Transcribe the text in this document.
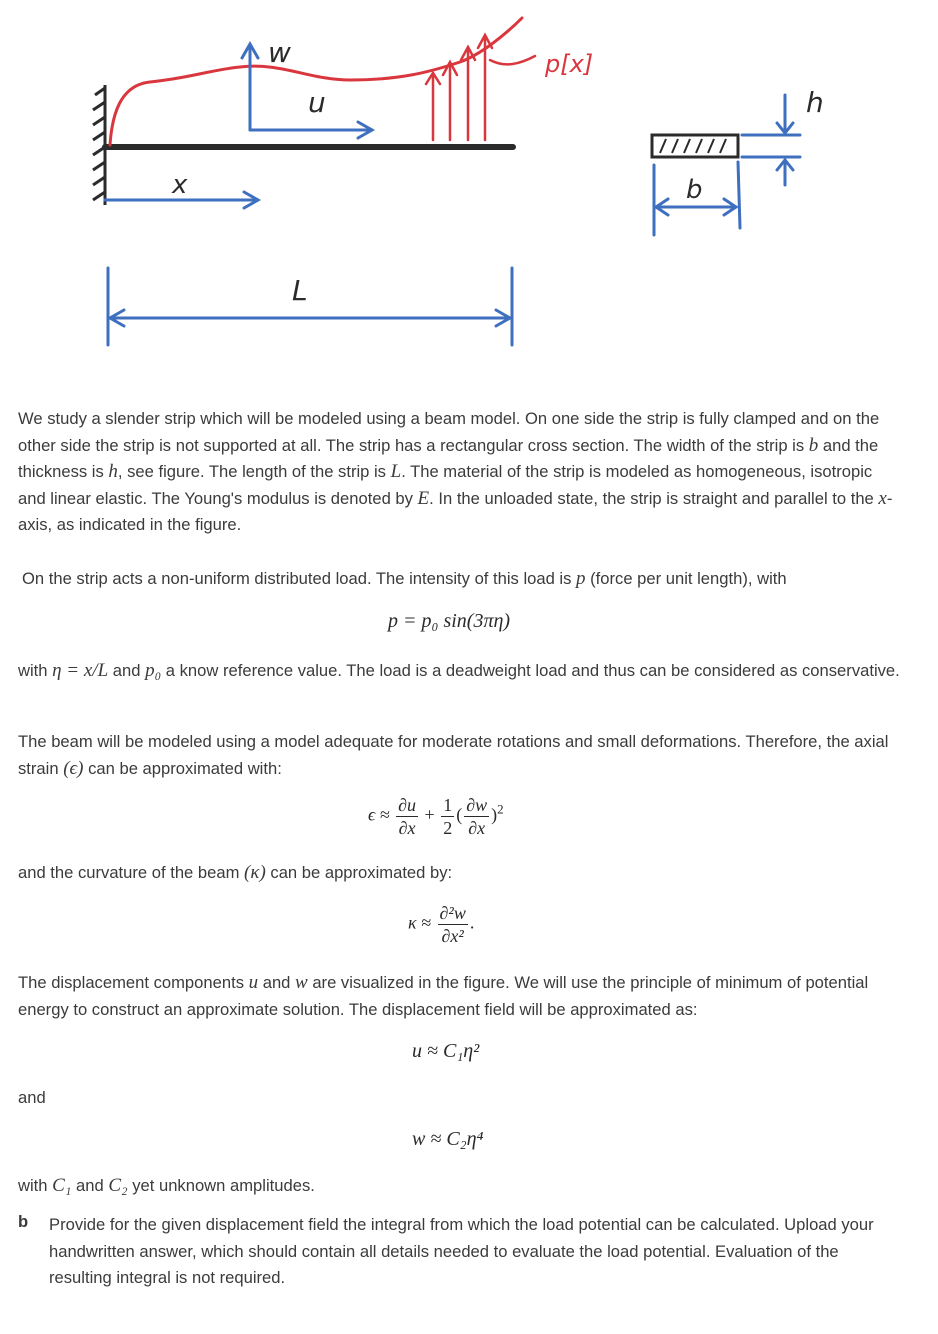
p[x]
w
u
x
L
b
h
We study a slender strip which will be modeled using a beam model. On one side the strip is fully clamped and on the other side the strip is not supported at all. The strip has a rectangular cross section. The width of the strip is b and the thickness is h, see figure. The length of the strip is L. The material of the strip is modeled as homogeneous, isotropic and linear elastic. The Young's modulus is denoted by E. In the unloaded state, the strip is straight and parallel to the x-axis, as indicated in the figure.
On the strip acts a non-uniform distributed load. The intensity of this load is p (force per unit length), with
p = p₀ sin(3πη)
with η = x/L and p₀ a know reference value. The load is a deadweight load and thus can be considered as conservative.
The beam will be modeled using a model adequate for moderate rotations and small deformations. Therefore, the axial strain (ϵ) can be approximated with:
$\epsilon \approx \frac{\partial u}{\partial x} + \frac{1}{2}$ ( $\frac{\partial w}{\partial x} )^2$
and the curvature of the beam (κ) can be approximated by:
$\kappa \approx \frac{\text{∂²w}}{\text{∂x²}}$ .
The displacement components u and w are visualized in the figure. We will use the principle of minimum of potential energy to construct an approximate solution. The displacement field will be approximated as:
u ≈ C₁η²
and
w ≈ C₂η⁴
with C₁ and C₂ yet unknown amplitudes.
b Provide for the given displacement field the integral from which the load potential can be calculated. Upload your handwritten answer, which should contain all details needed to evaluate the load potential. Evaluation of the resulting integral is not required.
